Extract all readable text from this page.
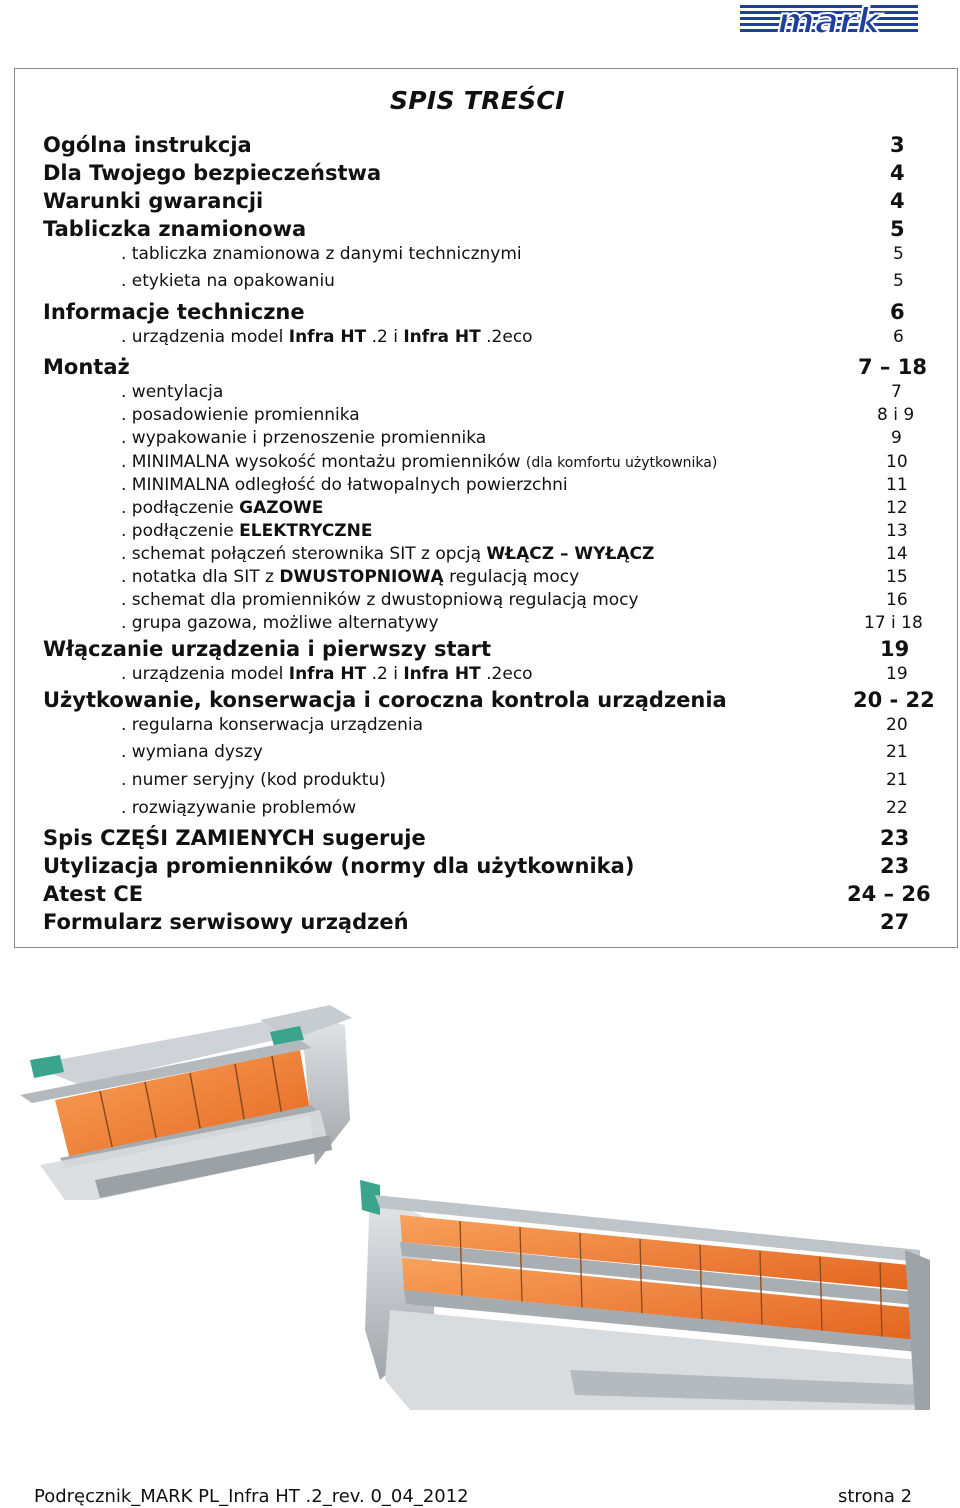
mark
SPIS TREŚCI
Ogólna instrukcja	3
Dla Twojego bezpieczeństwa	4
Warunki gwarancji	4
Tabliczka znamionowa	5
. tabliczka znamionowa z danymi technicznymi	5
. etykieta na opakowaniu	5
Informacje techniczne	6
. urządzenia model Infra HT .2 i Infra HT .2eco	6
Montaż	7 – 18
. wentylacja	7
. posadowienie promiennika	8 i 9
. wypakowanie i przenoszenie promiennika	9
. MINIMALNA wysokość montażu promienników (dla komfortu użytkownika)	10
. MINIMALNA odległość do łatwopalnych powierzchni	11
. podłączenie GAZOWE	12
. podłączenie ELEKTRYCZNE	13
. schemat połączeń sterownika SIT z opcją WŁĄCZ – WYŁĄCZ	14
. notatka dla SIT z DWUSTOPNIOWĄ regulacją mocy	15
. schemat dla promienników z dwustopniową regulacją mocy	16
. grupa gazowa, możliwe alternatywy	17 i 18
Włączanie urządzenia i pierwszy start	19
. urządzenia model Infra HT .2 i Infra HT .2eco	19
Użytkowanie, konserwacja i coroczna kontrola urządzenia	20 - 22
. regularna konserwacja urządzenia	20
. wymiana dyszy	21
. numer seryjny (kod produktu)	21
. rozwiązywanie problemów	22
Spis CZĘŚI ZAMIENYCH sugeruje	23
Utylizacja promienników (normy dla użytkownika)	23
Atest CE	24 – 26
Formularz serwisowy urządzeń	27
Podręcznik_MARK PL_Infra HT .2_rev. 0_04_2012	strona 2
